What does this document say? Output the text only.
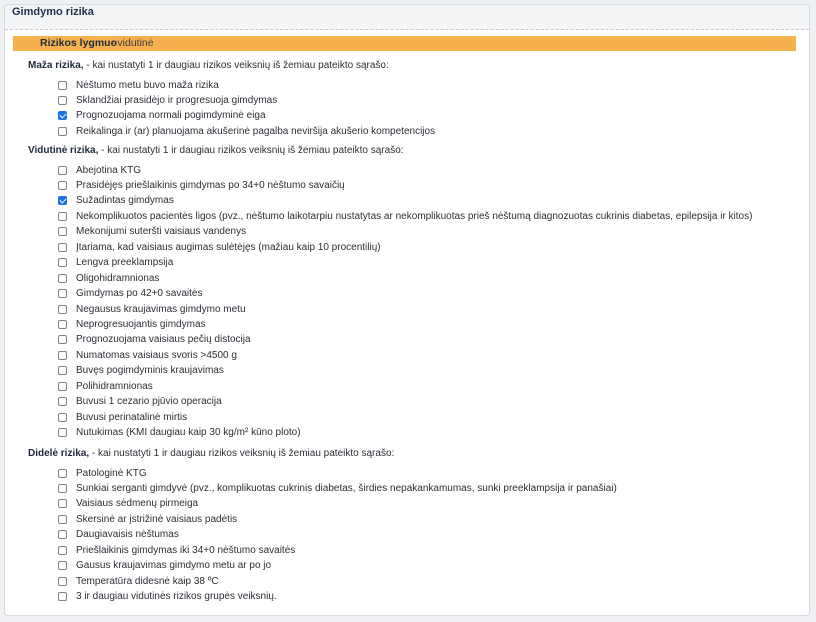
Gimdymo rizika
Rizikos lygmuo
- vidutinė
Maža rizika, - kai nustatyti 1 ir daugiau rizikos veiksnių iš žemiau pateikto sąrašo:
Nėštumo metu buvo maža rizika
Sklandžiai prasidėjo ir progresuoja gimdymas
Prognozuojama normali pogimdyminė eiga
Reikalinga ir (ar) planuojama akušerinė pagalba neviršija akušerio kompetencijos
Vidutinė rizika, - kai nustatyti 1 ir daugiau rizikos veiksnių iš žemiau pateikto sąrašo:
Abejotina KTG
Prasidėjęs priešlaikinis gimdymas po 34+0 nėštumo savaičių
Sužadintas gimdymas
Nekomplikuotos pacientės ligos (pvz., nėštumo laikotarpiu nustatytas ar nekomplikuotas prieš nėštumą diagnozuotas cukrinis diabetas, epilepsija ir kitos)
Mekonijumi suteršti vaisiaus vandenys
Įtariama, kad vaisiaus augimas sulėtėjęs (mažiau kaip 10 procentilių)
Lengva preeklampsija
Oligohidramnionas
Gimdymas po 42+0 savaitės
Negausus kraujavimas gimdymo metu
Neprogresuojantis gimdymas
Prognozuojama vaisiaus pečių distocija
Numatomas vaisiaus svoris >4500 g
Buvęs pogimdyminis kraujavimas
Polihidramnionas
Buvusi 1 cezario pjūvio operacija
Buvusi perinatalinė mirtis
Nutukimas (KMI daugiau kaip 30 kg/m² kūno ploto)
Didelė rizika, - kai nustatyti 1 ir daugiau rizikos veiksnių iš žemiau pateikto sąrašo:
Patologinė KTG
Sunkiai serganti gimdyvė (pvz., komplikuotas cukrinis diabetas, širdies nepakankamumas, sunki preeklampsija ir panašiai)
Vaisiaus sėdmenų pirmeiga
Skersinė ar įstrižinė vaisiaus padėtis
Daugiavaisis nėštumas
Priešlaikinis gimdymas iki 34+0 nėštumo savaitės
Gausus kraujavimas gimdymo metu ar po jo
Temperatūra didesnė kaip 38 ºC
3 ir daugiau vidutinės rizikos grupės veiksnių.
